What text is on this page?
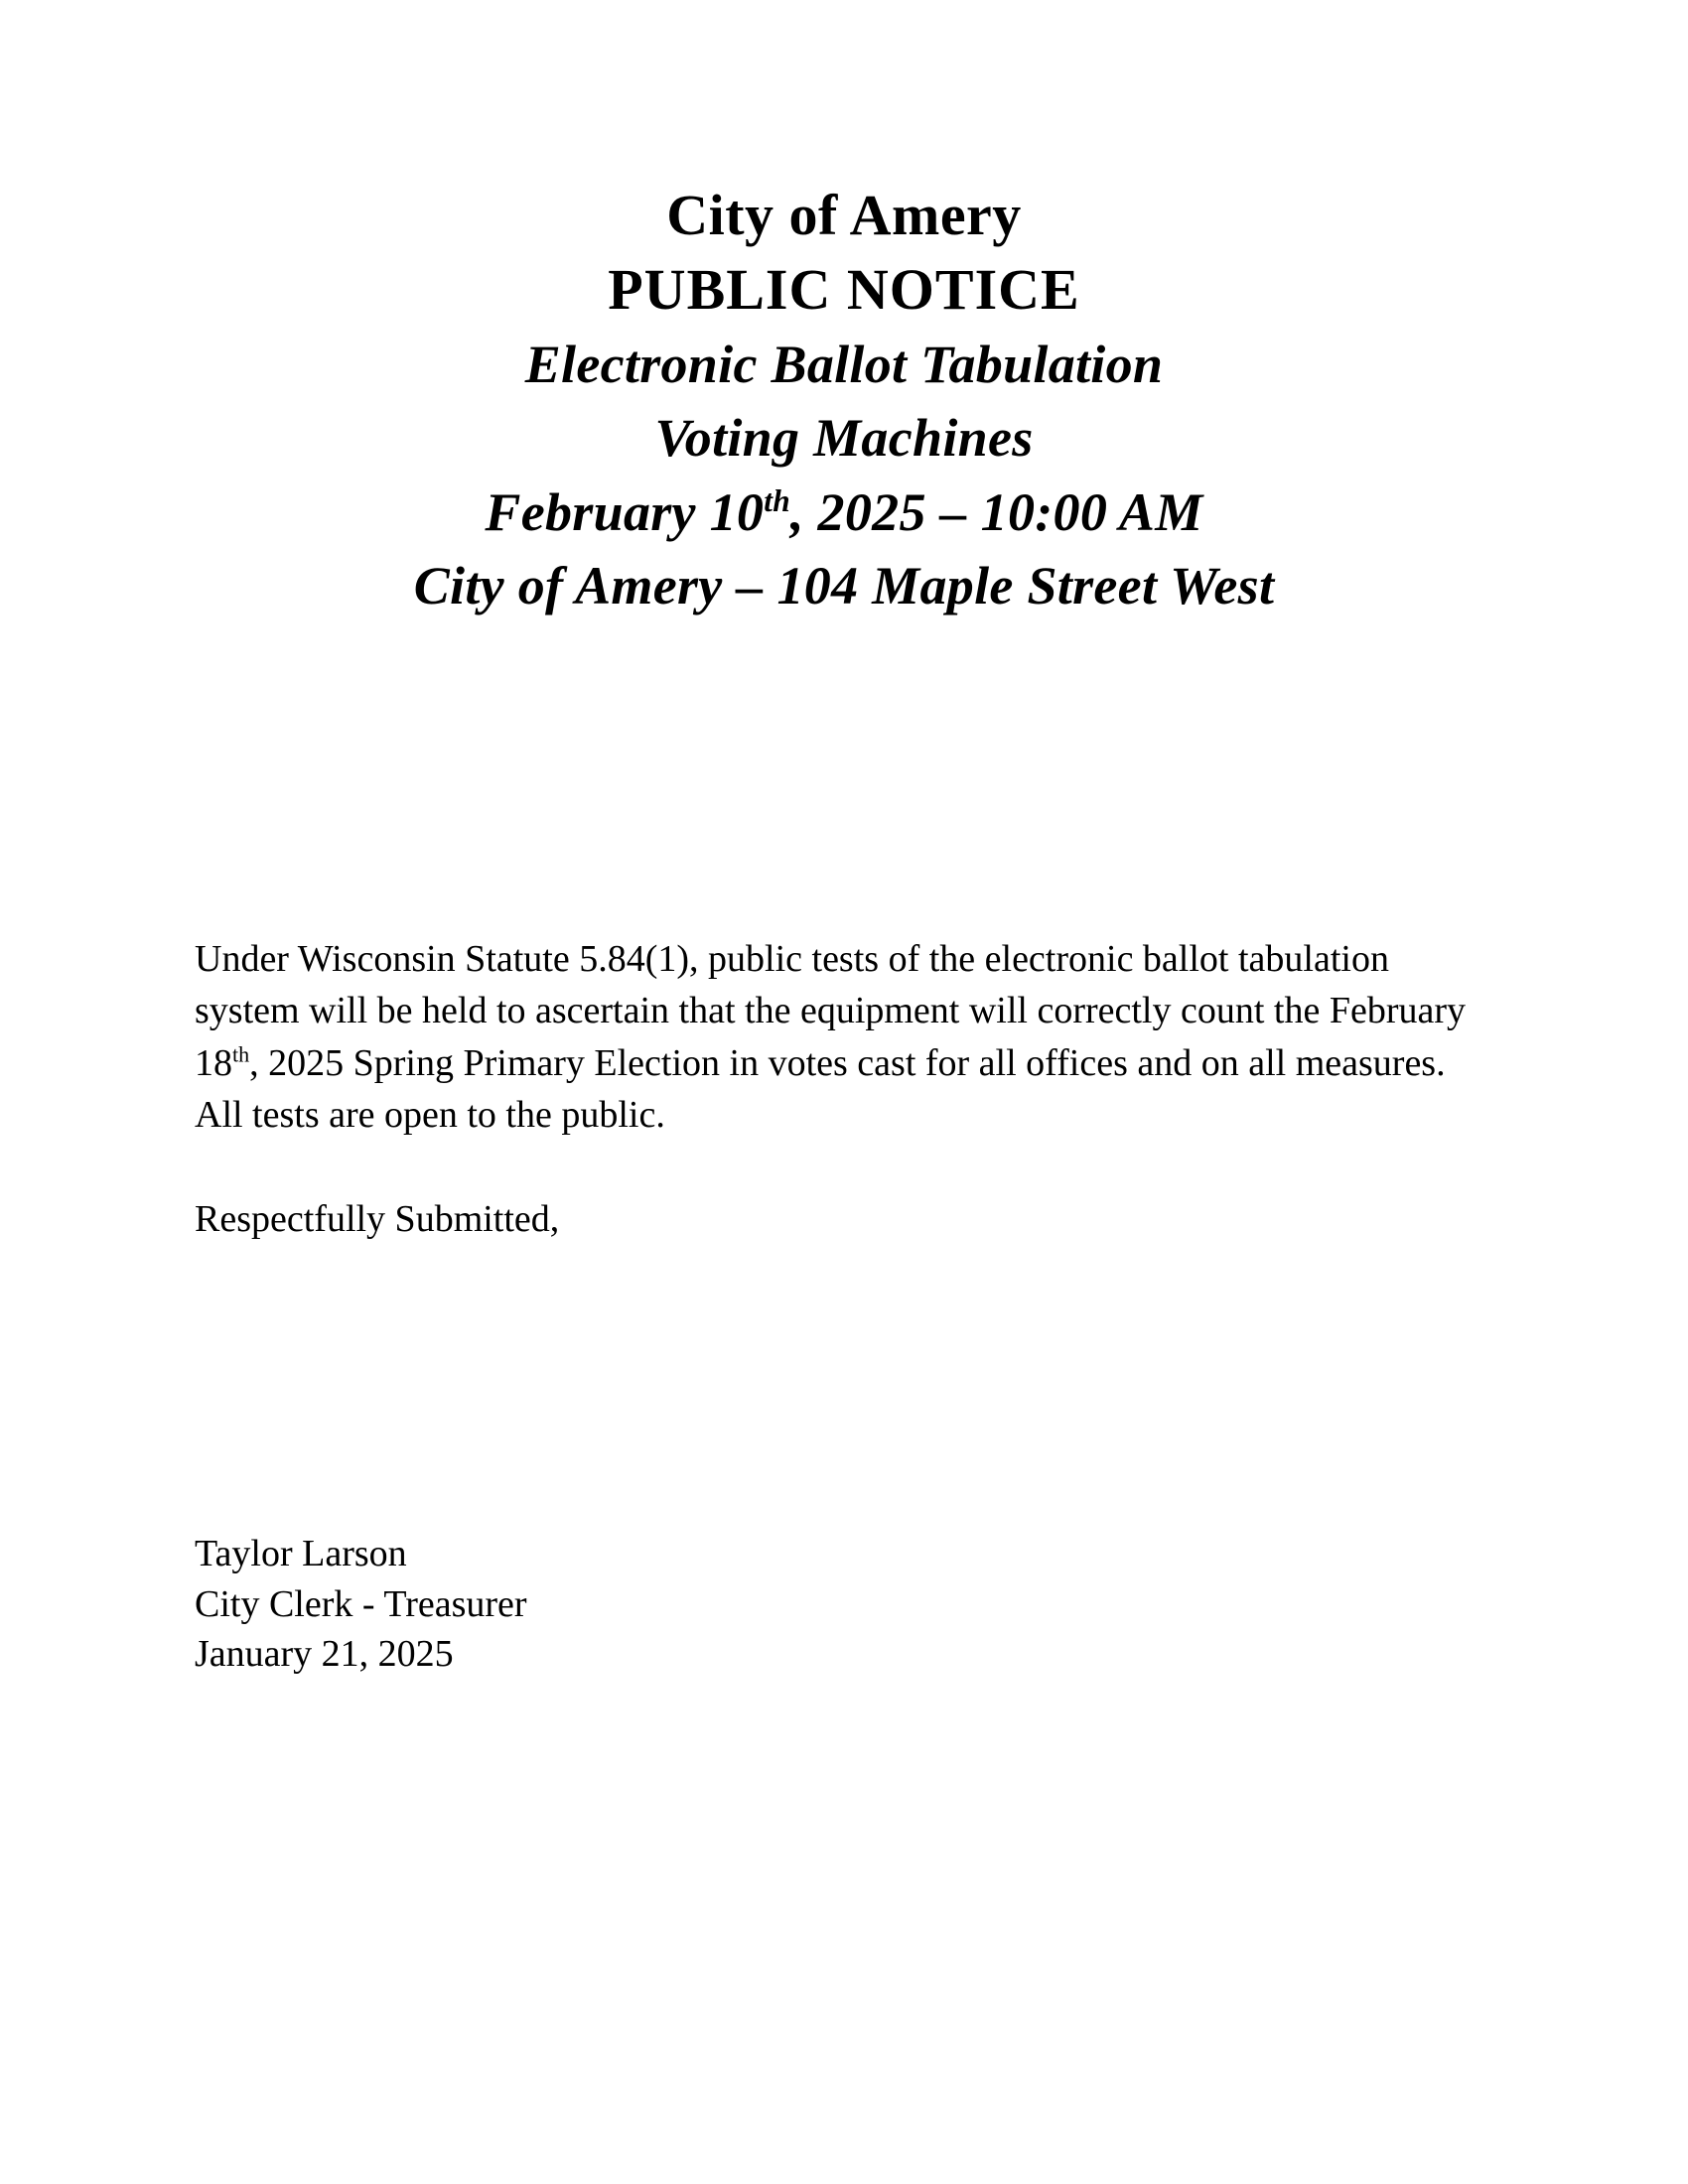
City of Amery
PUBLIC NOTICE
Electronic Ballot Tabulation
Voting Machines
February 10th, 2025 – 10:00 AM
City of Amery – 104 Maple Street West

Under Wisconsin Statute 5.84(1), public tests of the electronic ballot tabulation system will be held to ascertain that the equipment will correctly count the February 18th, 2025 Spring Primary Election in votes cast for all offices and on all measures. All tests are open to the public.

Respectfully Submitted,

Taylor Larson

City Clerk - Treasurer

January 21, 2025
